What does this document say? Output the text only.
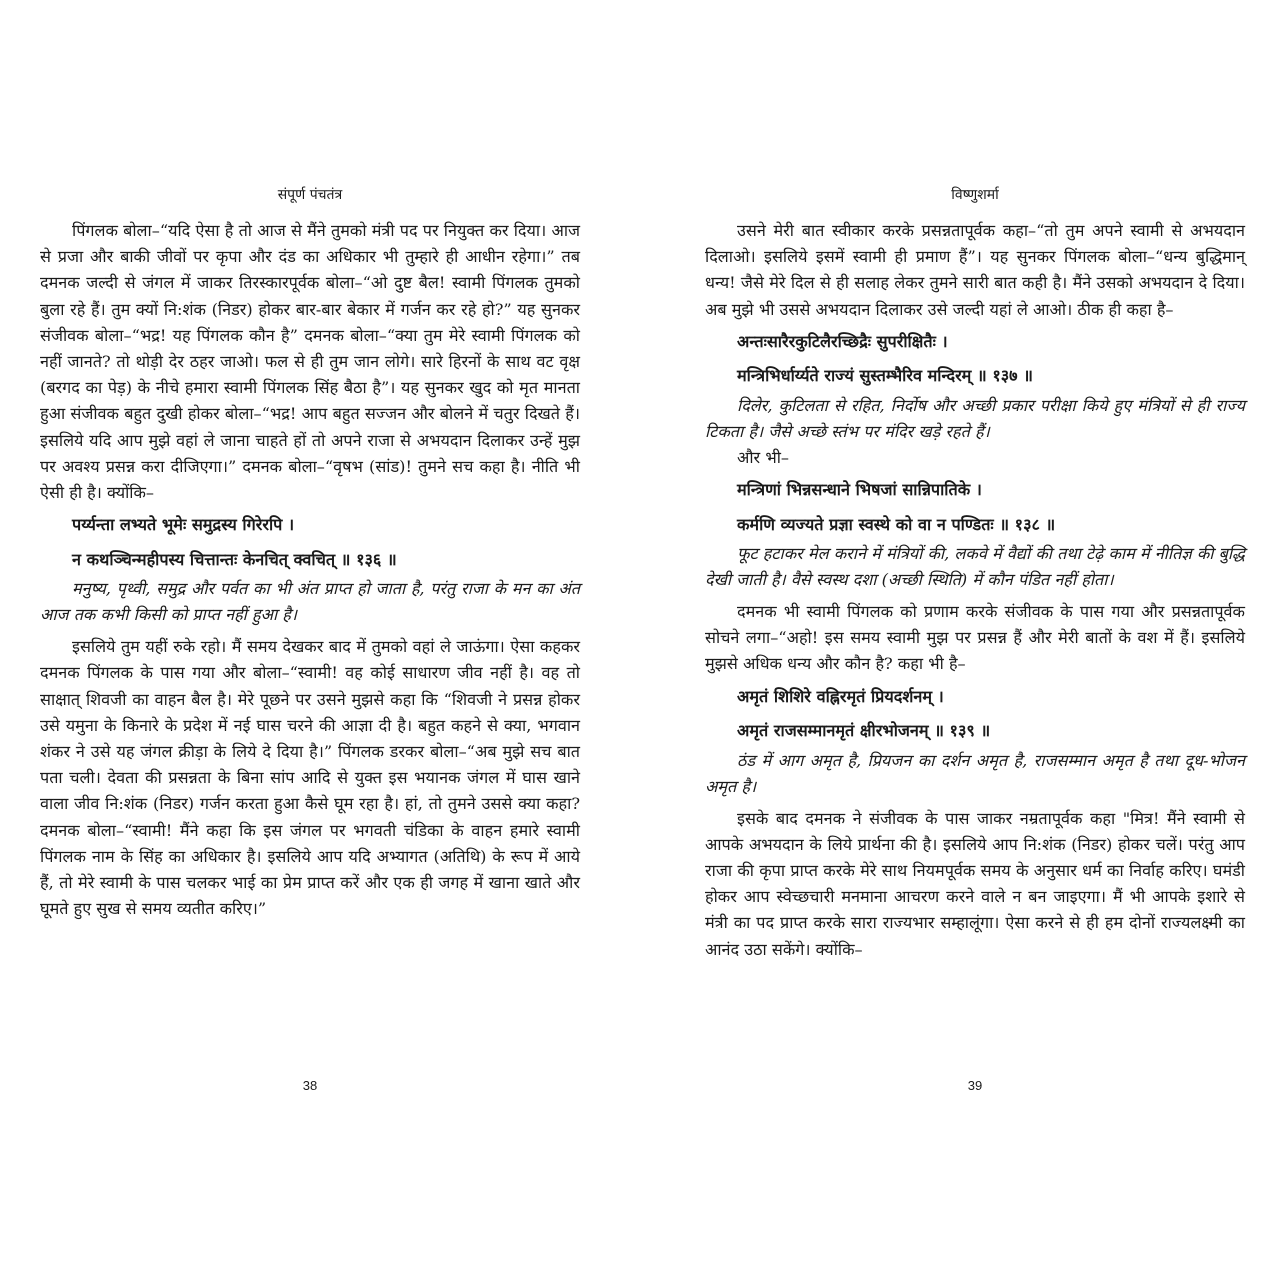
संपूर्ण पंचतंत्र

पिंगलक बोला–“यदि ऐसा है तो आज से मैंने तुमको मंत्री पद पर नियुक्त कर दिया। आज से प्रजा और बाकी जीवों पर कृपा और दंड का अधिकार भी तुम्हारे ही आधीन रहेगा।” तब दमनक जल्दी से जंगल में जाकर तिरस्कारपूर्वक बोला–“ओ दुष्ट बैल! स्वामी पिंगलक तुमको बुला रहे हैं। तुम क्यों नि:शंक (निडर) होकर बार-बार बेकार में गर्जन कर रहे हो?” यह सुनकर संजीवक बोला–“भद्र! यह पिंगलक कौन है” दमनक बोला–“क्या तुम मेरे स्वामी पिंगलक को नहीं जानते? तो थोड़ी देर ठहर जाओ। फल से ही तुम जान लोगे। सारे हिरनों के साथ वट वृक्ष (बरगद का पेड़) के नीचे हमारा स्वामी पिंगलक सिंह बैठा है”। यह सुनकर खुद को मृत मानता हुआ संजीवक बहुत दुखी होकर बोला–“भद्र! आप बहुत सज्जन और बोलने में चतुर दिखते हैं। इसलिये यदि आप मुझे वहां ले जाना चाहते हों तो अपने राजा से अभयदान दिलाकर उन्हें मुझ पर अवश्य प्रसन्न करा दीजिएगा।” दमनक बोला–“वृषभ (सांड)! तुमने सच कहा है। नीति भी ऐसी ही है। क्योंकि–

पर्य्यन्ता लभ्यते भूमेः समुद्रस्य गिरेरपि ।
न कथञ्चिन्महीपस्य चित्तान्तः केनचित् क्वचित् ॥ १३६ ॥

मनुष्य, पृथ्वी, समुद्र और पर्वत का भी अंत प्राप्त हो जाता है, परंतु राजा के मन का अंत आज तक कभी किसी को प्राप्त नहीं हुआ है।

इसलिये तुम यहीं रुके रहो। मैं समय देखकर बाद में तुमको वहां ले जाऊंगा। ऐसा कहकर दमनक पिंगलक के पास गया और बोला–“स्वामी! वह कोई साधारण जीव नहीं है। वह तो साक्षात् शिवजी का वाहन बैल है। मेरे पूछने पर उसने मुझसे कहा कि “शिवजी ने प्रसन्न होकर उसे यमुना के किनारे के प्रदेश में नई घास चरने की आज्ञा दी है। बहुत कहने से क्या, भगवान शंकर ने उसे यह जंगल क्रीड़ा के लिये दे दिया है।” पिंगलक डरकर बोला–“अब मुझे सच बात पता चली। देवता की प्रसन्नता के बिना सांप आदि से युक्त इस भयानक जंगल में घास खाने वाला जीव नि:शंक (निडर) गर्जन करता हुआ कैसे घूम रहा है। हां, तो तुमने उससे क्या कहा? दमनक बोला–“स्वामी! मैंने कहा कि इस जंगल पर भगवती चंडिका के वाहन हमारे स्वामी पिंगलक नाम के सिंह का अधिकार है। इसलिये आप यदि अभ्यागत (अतिथि) के रूप में आये हैं, तो मेरे स्वामी के पास चलकर भाई का प्रेम प्राप्त करें और एक ही जगह में खाना खाते और घूमते हुए सुख से समय व्यतीत करिए।”

विष्णुशर्मा

उसने मेरी बात स्वीकार करके प्रसन्नतापूर्वक कहा–“तो तुम अपने स्वामी से अभयदान दिलाओ। इसलिये इसमें स्वामी ही प्रमाण हैं”। यह सुनकर पिंगलक बोला–“धन्य बुद्धिमान् धन्य! जैसे मेरे दिल से ही सलाह लेकर तुमने सारी बात कही है। मैंने उसको अभयदान दे दिया। अब मुझे भी उससे अभयदान दिलाकर उसे जल्दी यहां ले आओ। ठीक ही कहा है–

अन्तःसारैरकुटिलैरच्छिद्रैः सुपरीक्षितैः ।
मन्त्रिभिर्धार्य्यते राज्यं सुस्तम्भैरिव मन्दिरम् ॥ १३७ ॥

दिलेर, कुटिलता से रहित, निर्दोष और अच्छी प्रकार परीक्षा किये हुए मंत्रियों से ही राज्य टिकता है। जैसे अच्छे स्तंभ पर मंदिर खड़े रहते हैं।

और भी–

मन्त्रिणां भिन्नसन्धाने भिषजां सान्निपातिके ।
कर्मणि व्यज्यते प्रज्ञा स्वस्थे को वा न पण्डितः ॥ १३८ ॥

फूट हटाकर मेल कराने में मंत्रियों की, लकवे में वैद्यों की तथा टेढ़े काम में नीतिज्ञ की बुद्धि देखी जाती है। वैसे स्वस्थ दशा (अच्छी स्थिति) में कौन पंडित नहीं होता।

दमनक भी स्वामी पिंगलक को प्रणाम करके संजीवक के पास गया और प्रसन्नतापूर्वक सोचने लगा–“अहो! इस समय स्वामी मुझ पर प्रसन्न हैं और मेरी बातों के वश में हैं। इसलिये मुझसे अधिक धन्य और कौन है? कहा भी है–

अमृतं शिशिरे वह्निरमृतं प्रियदर्शनम् ।
अमृतं राजसम्मानमृतं क्षीरभोजनम् ॥ १३९ ॥

ठंड में आग अमृत है, प्रियजन का दर्शन अमृत है, राजसम्मान अमृत है तथा दूध-भोजन अमृत है।

इसके बाद दमनक ने संजीवक के पास जाकर नम्रतापूर्वक कहा "मित्र! मैंने स्वामी से आपके अभयदान के लिये प्रार्थना की है। इसलिये आप नि:शंक (निडर) होकर चलें। परंतु आप राजा की कृपा प्राप्त करके मेरे साथ नियमपूर्वक समय के अनुसार धर्म का निर्वाह करिए। घमंडी होकर आप स्वेच्छचारी मनमाना आचरण करने वाले न बन जाइएगा। मैं भी आपके इशारे से मंत्री का पद प्राप्त करके सारा राज्यभार सम्हालूंगा। ऐसा करने से ही हम दोनों राज्यलक्ष्मी का आनंद उठा सकेंगे। क्योंकि–

38	39
